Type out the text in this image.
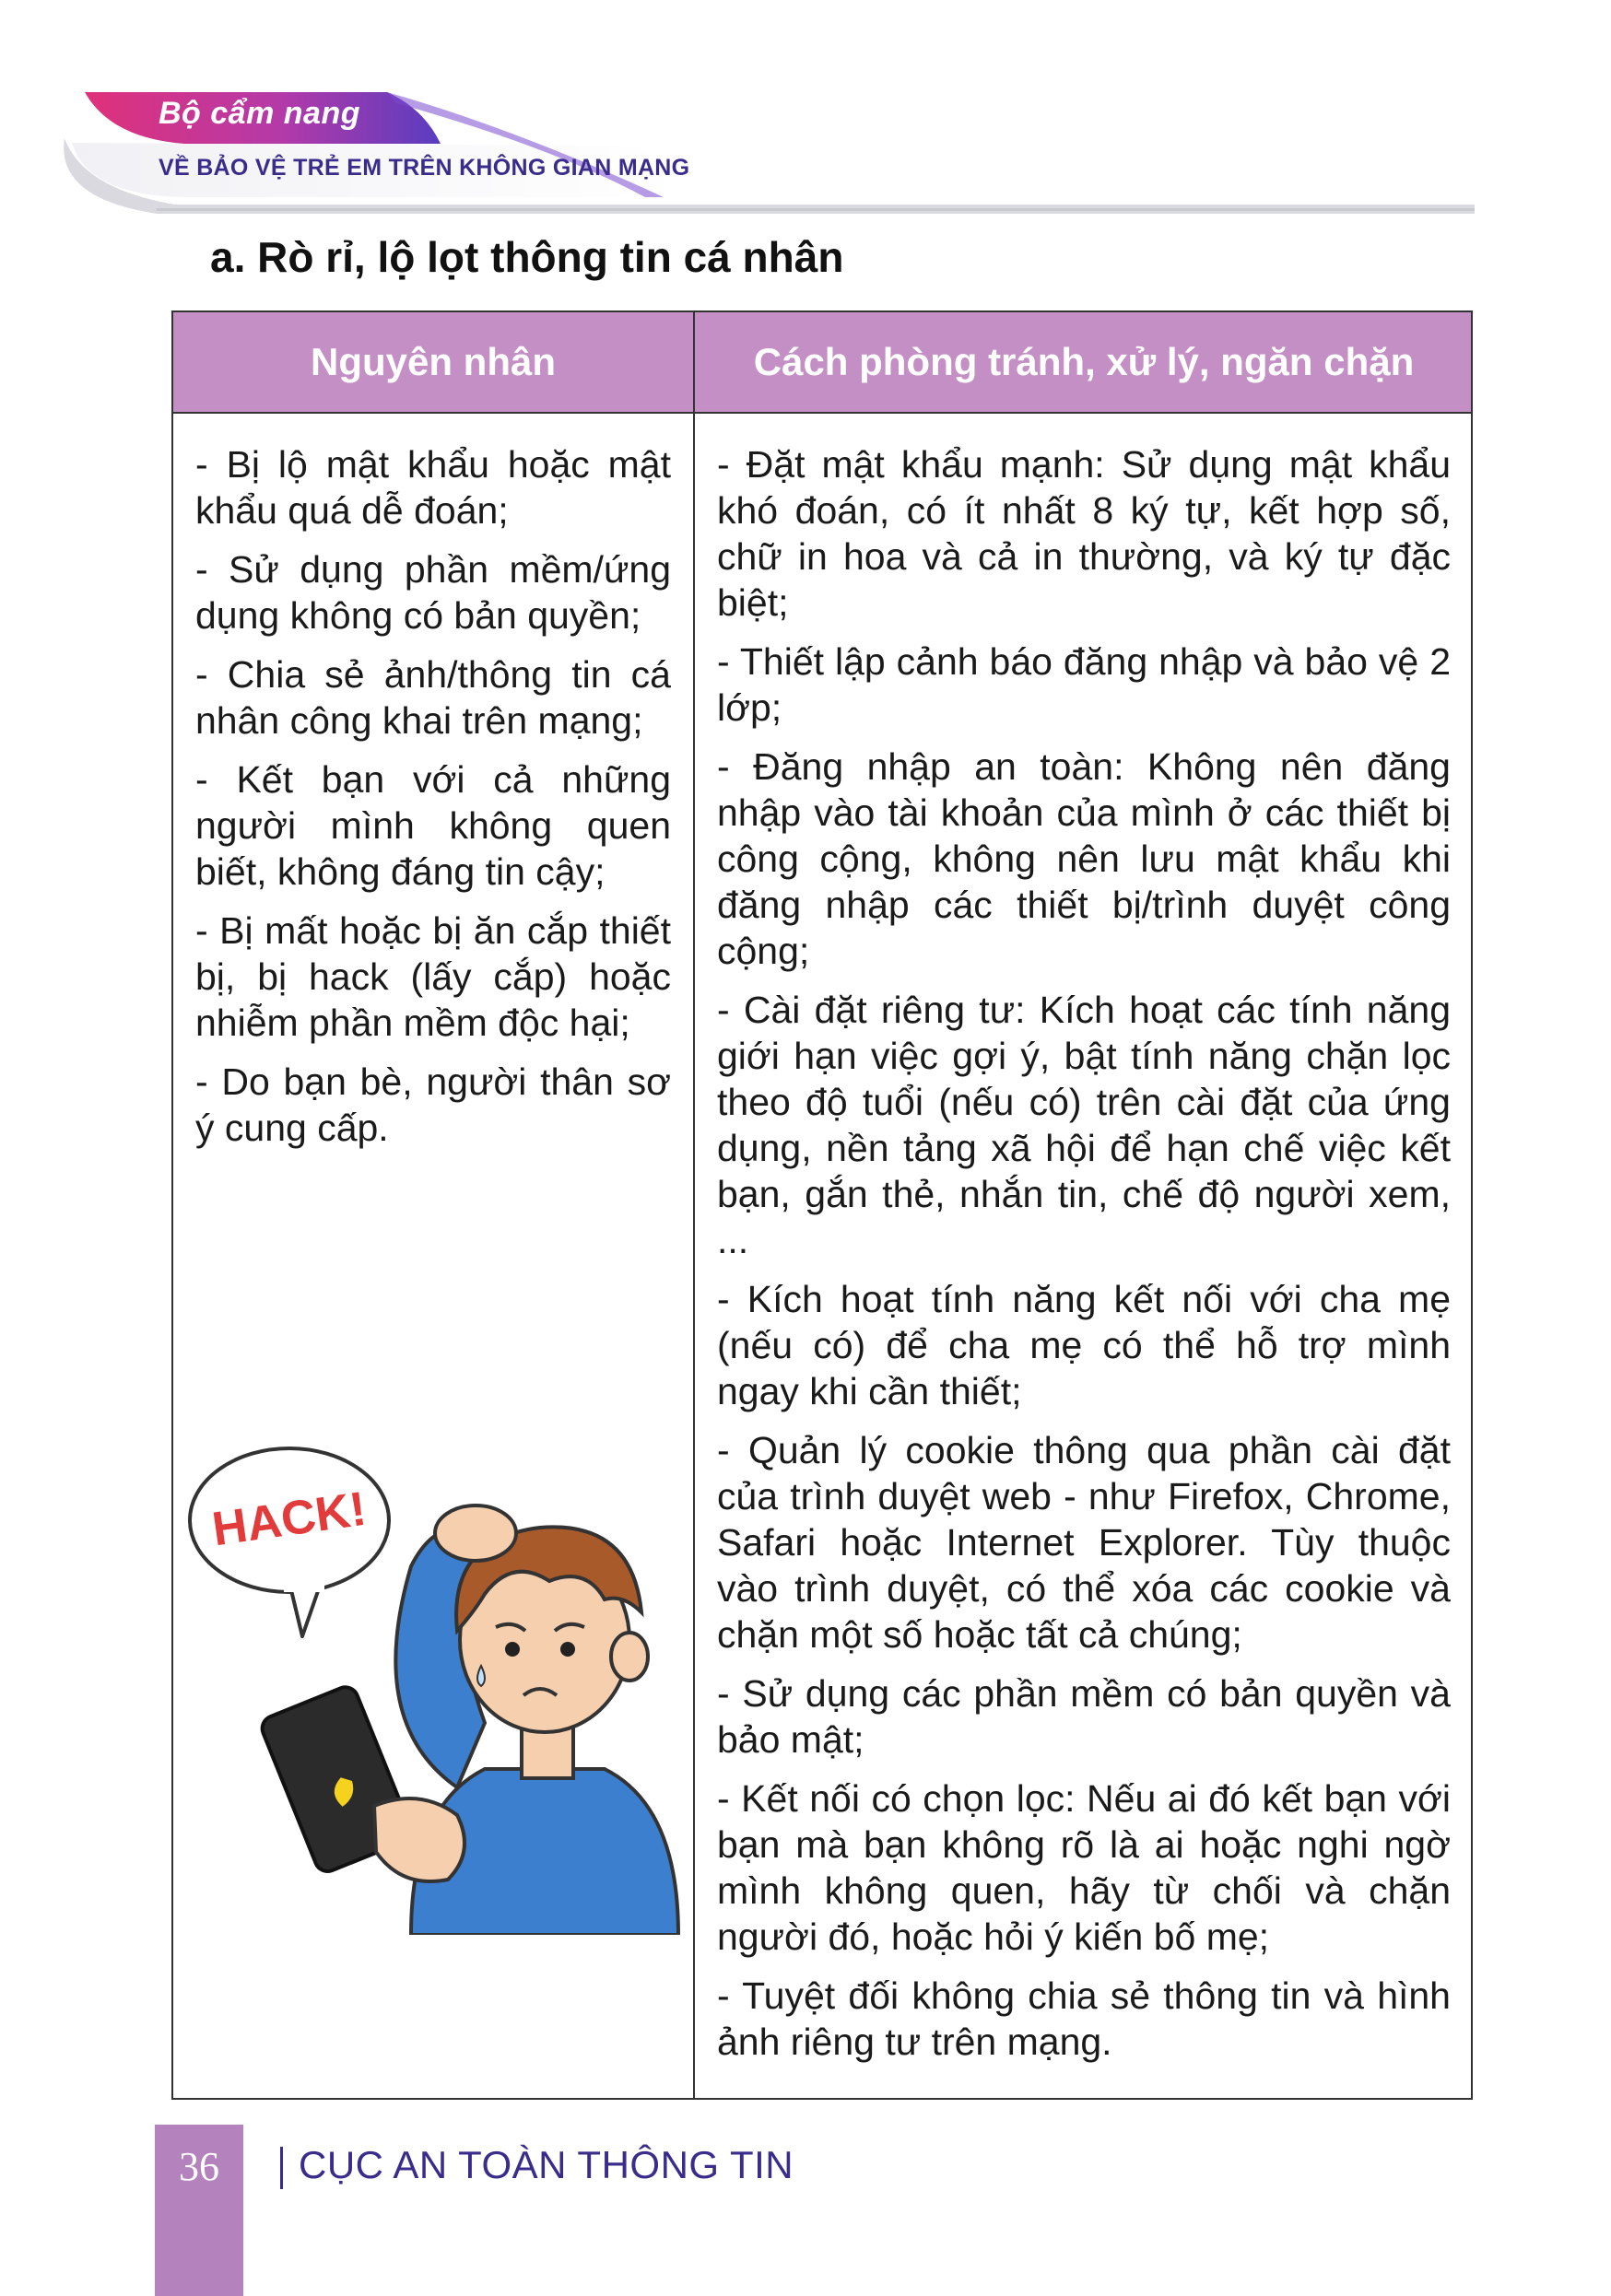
Bộ cẩm nang
VỀ BẢO VỆ TRẺ EM TRÊN KHÔNG GIAN MẠNG
a. Rò rỉ, lộ lọt thông tin cá nhân
Nguyên nhân	Cách phòng tránh, xử lý, ngăn chặn

- Bị lộ mật khẩu hoặc mật khẩu quá dễ đoán;

- Sử dụng phần mềm/ứng dụng không có bản quyền;

- Chia sẻ ảnh/thông tin cá nhân công khai trên mạng;

- Kết bạn với cả những người mình không quen biết, không đáng tin cậy;

- Bị mất hoặc bị ăn cắp thiết bị, bị hack (lấy cắp) hoặc nhiễm phần mềm độc hại;

- Do bạn bè, người thân sơ ý cung cấp.

- Đặt mật khẩu mạnh: Sử dụng mật khẩu khó đoán, có ít nhất 8 ký tự, kết hợp số, chữ in hoa và cả in thường, và ký tự đặc biệt;

- Thiết lập cảnh báo đăng nhập và bảo vệ 2 lớp;

- Đăng nhập an toàn: Không nên đăng nhập vào tài khoản của mình ở các thiết bị công cộng, không nên lưu mật khẩu khi đăng nhập các thiết bị/trình duyệt công cộng;

- Cài đặt riêng tư: Kích hoạt các tính năng giới hạn việc gợi ý, bật tính năng chặn lọc theo độ tuổi (nếu có) trên cài đặt của ứng dụng, nền tảng xã hội để hạn chế việc kết bạn, gắn thẻ, nhắn tin, chế độ người xem, ...

- Kích hoạt tính năng kết nối với cha mẹ (nếu có) để cha mẹ có thể hỗ trợ mình ngay khi cần thiết;

- Quản lý cookie thông qua phần cài đặt của trình duyệt web - như Firefox, Chrome, Safari hoặc Internet Explorer. Tùy thuộc vào trình duyệt, có thể xóa các cookie và chặn một số hoặc tất cả chúng;

- Sử dụng các phần mềm có bản quyền và bảo mật;

- Kết nối có chọn lọc: Nếu ai đó kết bạn với bạn mà bạn không rõ là ai hoặc nghi ngờ mình không quen, hãy từ chối và chặn người đó, hoặc hỏi ý kiến bố mẹ;

- Tuyệt đối không chia sẻ thông tin và hình ảnh riêng tư trên mạng.

HACK!
36	CỤC AN TOÀN THÔNG TIN
